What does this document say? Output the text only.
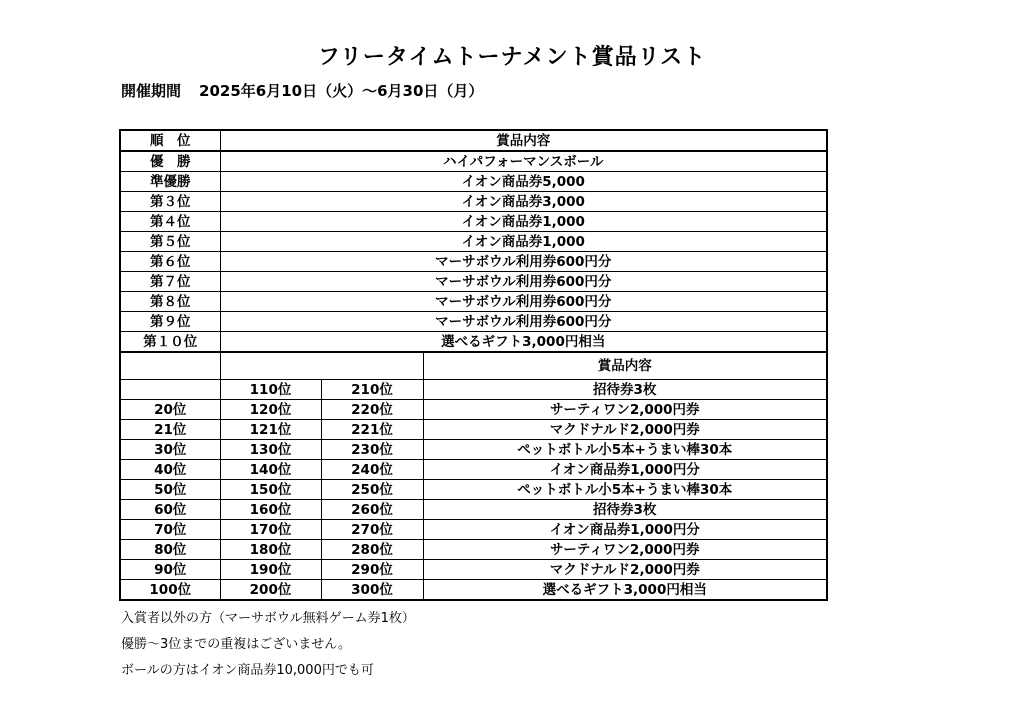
フリータイムトーナメント賞品リスト
開催期間 2025年6月10日（火）～6月30日（月）
順　位	賞品内容		
優　勝	ハイパフォーマンスボール		
準優勝	イオン商品券5,000		
第３位	イオン商品券3,000		
第４位	イオン商品券1,000		
第５位	イオン商品券1,000		
第６位	マーサボウル利用券600円分		
第７位	マーサボウル利用券600円分		
第８位	マーサボウル利用券600円分		
第９位	マーサボウル利用券600円分		
第１０位	選べるギフト3,000円相当		
			賞品内容
	110位	210位	招待券3枚
20位	120位	220位	サーティワン2,000円券
21位	121位	221位	マクドナルド2,000円券
30位	130位	230位	ペットボトル小5本+うまい棒30本
40位	140位	240位	イオン商品券1,000円分
50位	150位	250位	ペットボトル小5本+うまい棒30本
60位	160位	260位	招待券3枚
70位	170位	270位	イオン商品券1,000円分
80位	180位	280位	サーティワン2,000円券
90位	190位	290位	マクドナルド2,000円券
100位	200位	300位	選べるギフト3,000円相当
入賞者以外の方（マーサボウル無料ゲーム券1枚）
優勝～3位までの重複はございません。
ボールの方はイオン商品券10,000円でも可
